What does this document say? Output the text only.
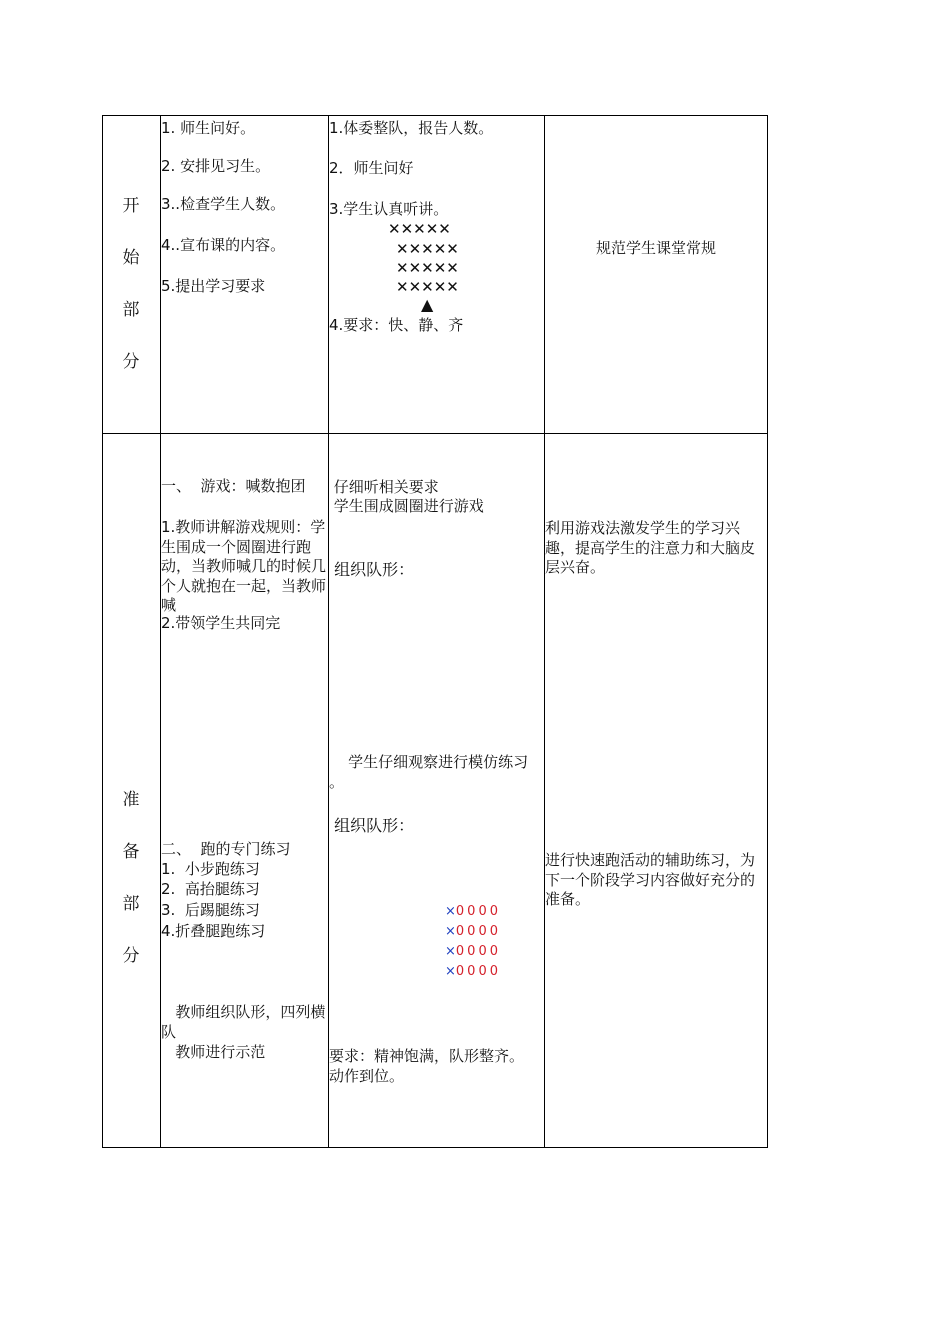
开
始
部
分
1. 师生问好。
2. 安排见习生。
3..检查学生人数。
4..宣布课的内容。
5.提出学习要求
1.体委整队，报告人数。
2．师生问好
3.学生认真听讲。
✕✕✕✕✕
✕✕✕✕✕
✕✕✕✕✕
✕✕✕✕✕
▲
4.要求：快、静、齐
规范学生课堂常规
准
备
部
分
一、  游戏：喊数抱团
1.教师讲解游戏规则：学生围成一个圆圈进行跑动，当教师喊几的时候几个人就抱在一起，当教师喊
2.带领学生共同完
二、  跑的专门练习
1.  小步跑练习
2.  高抬腿练习
3.  后踢腿练习
4.折叠腿跑练习
教师组织队形，四列横队
教师进行示范
仔细听相关要求
学生围成圆圈进行游戏
组织队形：
学生仔细观察进行模仿练习 。
组织队形：
×0000
×0000
×0000
×0000
要求：精神饱满，队形整齐。动作到位。
利用游戏法激发学生的学习兴趣，提高学生的注意力和大脑皮层兴奋。
进行快速跑活动的辅助练习，为下一个阶段学习内容做好充分的准备。
